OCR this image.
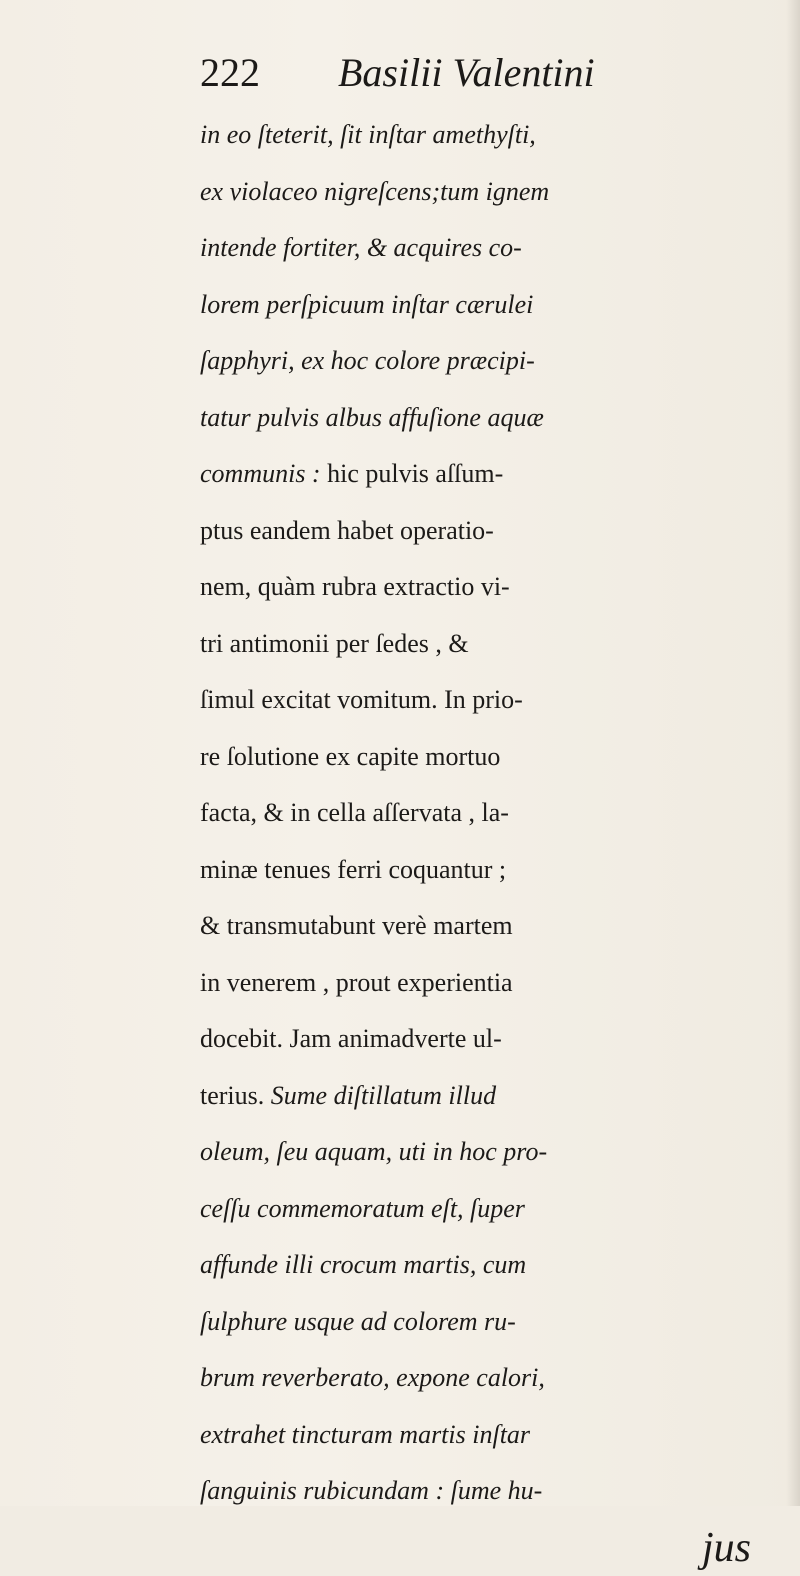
222 Basilii Valentini
in eo ſteterit, ſit inſtar amethyſti,
ex violaceo nigreſcens;tum ignem
intende fortiter, & acquires co-
lorem perſpicuum inſtar cærulei
ſapphyri, ex hoc colore præcipi-
tatur pulvis albus affuſione aquæ
communis : hic pulvis aſſum-
ptus eandem habet operatio-
nem, quàm rubra extractio vi-
tri antimonii per ſedes , &
ſimul excitat vomitum. In prio-
re ſolutione ex capite mortuo
facta, & in cella aſſervata , la-
minæ tenues ferri coquantur ;
& transmutabunt verè martem
in venerem , prout experientia
docebit. Jam animadverte ul-
terius. Sume diſtillatum illud
oleum, ſeu aquam, uti in hoc pro-
ceſſu commemoratum eſt, ſuper
affunde illi crocum martis, cum
ſulphure usque ad colorem ru-
brum reverberato, expone calori,
extrahet tincturam martis inſtar
ſanguinis rubicundam : ſume hu-
jus
